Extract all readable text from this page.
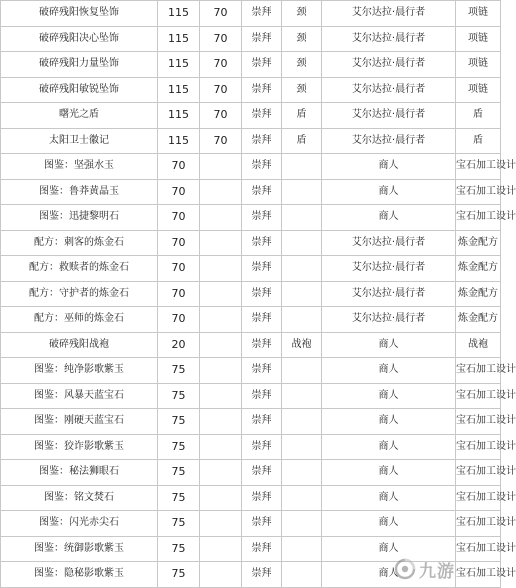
破碎残阳恢复坠饰	115	70	崇拜	颈	艾尔达拉·晨行者	项链
破碎残阳决心坠饰	115	70	崇拜	颈	艾尔达拉·晨行者	项链
破碎残阳力量坠饰	115	70	崇拜	颈	艾尔达拉·晨行者	项链
破碎残阳敏锐坠饰	115	70	崇拜	颈	艾尔达拉·晨行者	项链
曙光之盾	115	70	崇拜	盾	艾尔达拉·晨行者	盾
太阳卫士徽记	115	70	崇拜	盾	艾尔达拉·晨行者	盾
图鉴：坚强水玉	70		崇拜		商人	宝石加工设计
图鉴：鲁莽黄晶玉	70		崇拜		商人	宝石加工设计
图鉴：迅捷黎明石	70		崇拜		商人	宝石加工设计
配方：刺客的炼金石	70		崇拜		艾尔达拉·晨行者	炼金配方
配方：救赎者的炼金石	70		崇拜		艾尔达拉·晨行者	炼金配方
配方：守护者的炼金石	70		崇拜		艾尔达拉·晨行者	炼金配方
配方：巫师的炼金石	70		崇拜		艾尔达拉·晨行者	炼金配方
破碎残阳战袍	20		崇拜	战袍	商人	战袍
图鉴：纯净影歌紫玉	75		崇拜		商人	宝石加工设计
图鉴：风暴天蓝宝石	75		崇拜		商人	宝石加工设计
图鉴：刚硬天蓝宝石	75		崇拜		商人	宝石加工设计
图鉴：狡诈影歌紫玉	75		崇拜		商人	宝石加工设计
图鉴：秘法狮眼石	75		崇拜		商人	宝石加工设计
图鉴：铭文焚石	75		崇拜		商人	宝石加工设计
图鉴：闪光赤尖石	75		崇拜		商人	宝石加工设计
图鉴：统御影歌紫玉	75		崇拜		商人	宝石加工设计
图鉴：隐秘影歌紫玉	75		崇拜		商人	宝石加工设计
九游
